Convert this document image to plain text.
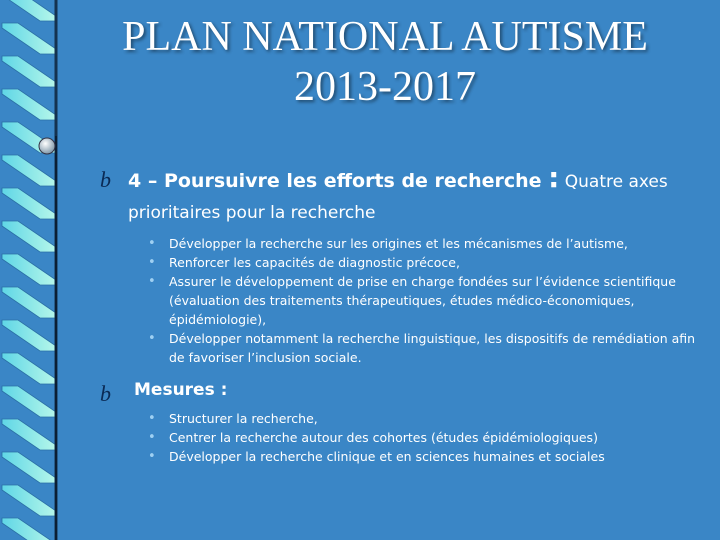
PLAN NATIONAL AUTISME
2013-2017
b 4 – Poursuivre les efforts de recherche : Quatre axes prioritaires pour la recherche
• Développer la recherche sur les origines et les mécanismes de l’autisme,
• Renforcer les capacités de diagnostic précoce,
• Assurer le développement de prise en charge fondées sur l’évidence scientifique (évaluation des traitements thérapeutiques, études médico-économiques, épidémiologie),
• Développer notamment la recherche linguistique, les dispositifs de remédiation afin de favoriser l’inclusion sociale.
b	Mesures :
• Structurer la recherche,
• Centrer la recherche autour des cohortes (études épidémiologiques)
• Développer la recherche clinique et en sciences humaines et sociales
